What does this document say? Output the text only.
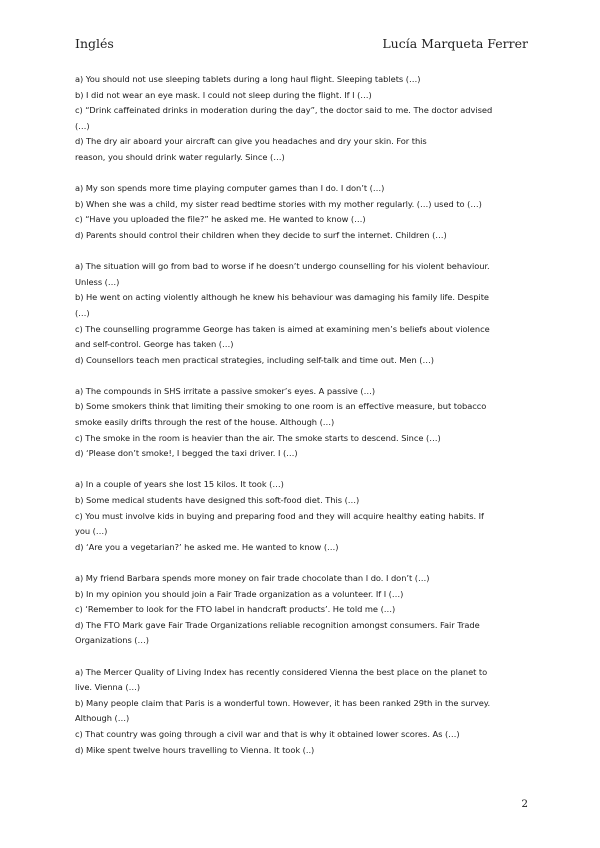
Inglés	Lucía Marqueta Ferrer

a) You should not use sleeping tablets during a long haul flight. Sleeping tablets (…)

b) I did not wear an eye mask. I could not sleep during the flight. If I (…)

c) “Drink caffeinated drinks in moderation during the day”, the doctor said to me. The doctor advised

(…)

d) The dry air aboard your aircraft can give you headaches and dry your skin. For this

reason, you should drink water regularly. Since (…)

a) My son spends more time playing computer games than I do. I don’t (…)

b) When she was a child, my sister read bedtime stories with my mother regularly. (…) used to (…)

c) “Have you uploaded the file?” he asked me. He wanted to know (…)

d) Parents should control their children when they decide to surf the internet. Children (…)

a) The situation will go from bad to worse if he doesn’t undergo counselling for his violent behaviour.

Unless (…)

b) He went on acting violently although he knew his behaviour was damaging his family life. Despite

(…)

c) The counselling programme George has taken is aimed at examining men’s beliefs about violence

and self-control. George has taken (…)

d) Counsellors teach men practical strategies, including self-talk and time out. Men (…)

a) The compounds in SHS irritate a passive smoker’s eyes. A passive (…)

b) Some smokers think that limiting their smoking to one room is an effective measure, but tobacco

smoke easily drifts through the rest of the house. Although (…)

c) The smoke in the room is heavier than the air. The smoke starts to descend. Since (…)

d) ‘Please don’t smoke!, I begged the taxi driver. I (…)

a) In a couple of years she lost 15 kilos. It took (…)

b) Some medical students have designed this soft-food diet. This (…)

c) You must involve kids in buying and preparing food and they will acquire healthy eating habits. If

you (…)

d) ‘Are you a vegetarian?’ he asked me. He wanted to know (…)

a) My friend Barbara spends more money on fair trade chocolate than I do. I don’t (…)

b) In my opinion you should join a Fair Trade organization as a volunteer. If I (…)

c) ‘Remember to look for the FTO label in handcraft products’. He told me (…)

d) The FTO Mark gave Fair Trade Organizations reliable recognition amongst consumers. Fair Trade

Organizations (…)

a) The Mercer Quality of Living Index has recently considered Vienna the best place on the planet to

live. Vienna (…)

b) Many people claim that Paris is a wonderful town. However, it has been ranked 29th in the survey.

Although (…)

c) That country was going through a civil war and that is why it obtained lower scores. As (…)

d) Mike spent twelve hours travelling to Vienna. It took (..)

2
